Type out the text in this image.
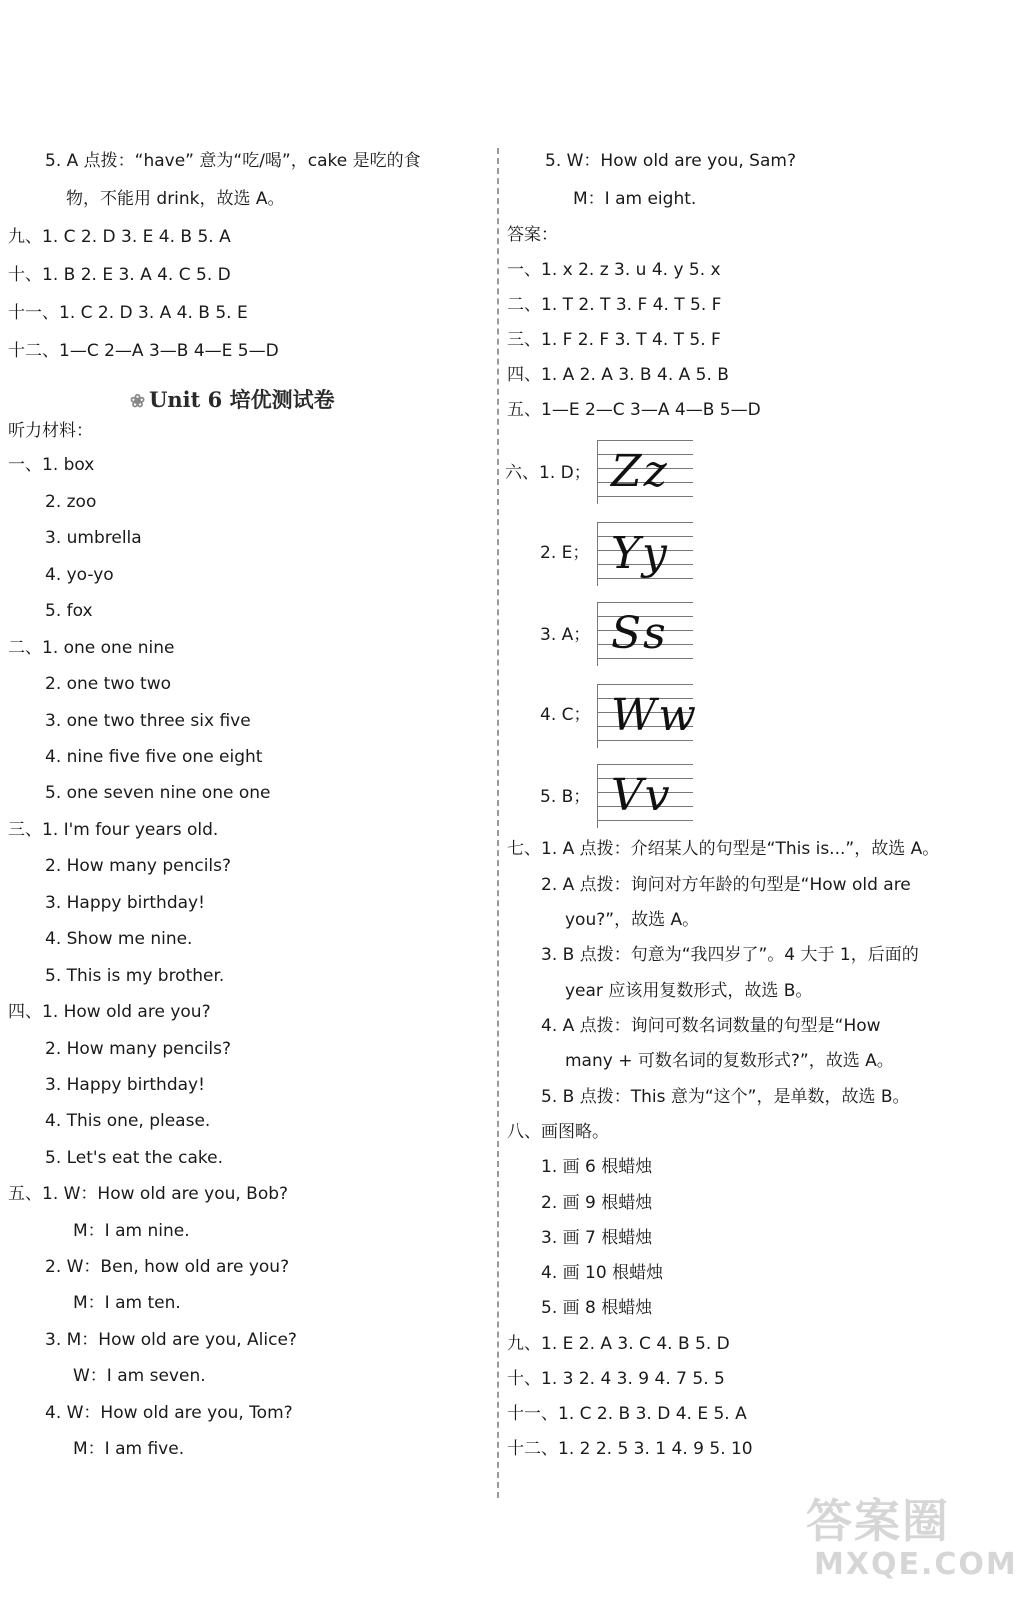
5. A 点拨：“have” 意为“吃/喝”，cake 是吃的食
物，不能用 drink，故选 A。
九、1. C 2. D 3. E 4. B 5. A
十、1. B 2. E 3. A 4. C 5. D
十一、1. C 2. D 3. A 4. B 5. E
十二、1—C 2—A 3—B 4—E 5—D
❀ Unit 6 培优测试卷
听力材料：
一、1. box
2. zoo
3. umbrella
4. yo-yo
5. fox
二、1. one one nine
2. one two two
3. one two three six five
4. nine five five one eight
5. one seven nine one one
三、1. I'm four years old.
2. How many pencils?
3. Happy birthday!
4. Show me nine.
5. This is my brother.
四、1. How old are you?
2. How many pencils?
3. Happy birthday!
4. This one, please.
5. Let's eat the cake.
五、1. W：How old are you, Bob?
M：I am nine.
2. W：Ben, how old are you?
M：I am ten.
3. M：How old are you, Alice?
W：I am seven.
4. W：How old are you, Tom?
M：I am five.
5. W：How old are you, Sam?
M：I am eight.
答案：
一、1. x 2. z 3. u 4. y 5. x
二、1. T 2. T 3. F 4. T 5. F
三、1. F 2. F 3. T 4. T 5. F
四、1. A 2. A 3. B 4. A 5. B
五、1—E 2—C 3—A 4—B 5—D
六、1. D； Zz
2. E； Yy
3. A； Ss
4. C； Ww
5. B； Vv
七、1. A 点拨：介绍某人的句型是“This is...”，故选 A。
2. A 点拨：询问对方年龄的句型是“How old are
you?”，故选 A。
3. B 点拨：句意为“我四岁了”。4 大于 1，后面的
year 应该用复数形式，故选 B。
4. A 点拨：询问可数名词数量的句型是“How
many + 可数名词的复数形式?”，故选 A。
5. B 点拨：This 意为“这个”，是单数，故选 B。
八、画图略。
1. 画 6 根蜡烛
2. 画 9 根蜡烛
3. 画 7 根蜡烛
4. 画 10 根蜡烛
5. 画 8 根蜡烛
九、1. E 2. A 3. C 4. B 5. D
十、1. 3 2. 4 3. 9 4. 7 5. 5
十一、1. C 2. B 3. D 4. E 5. A
十二、1. 2 2. 5 3. 1 4. 9 5. 10
答案圈
MXQE.COM
